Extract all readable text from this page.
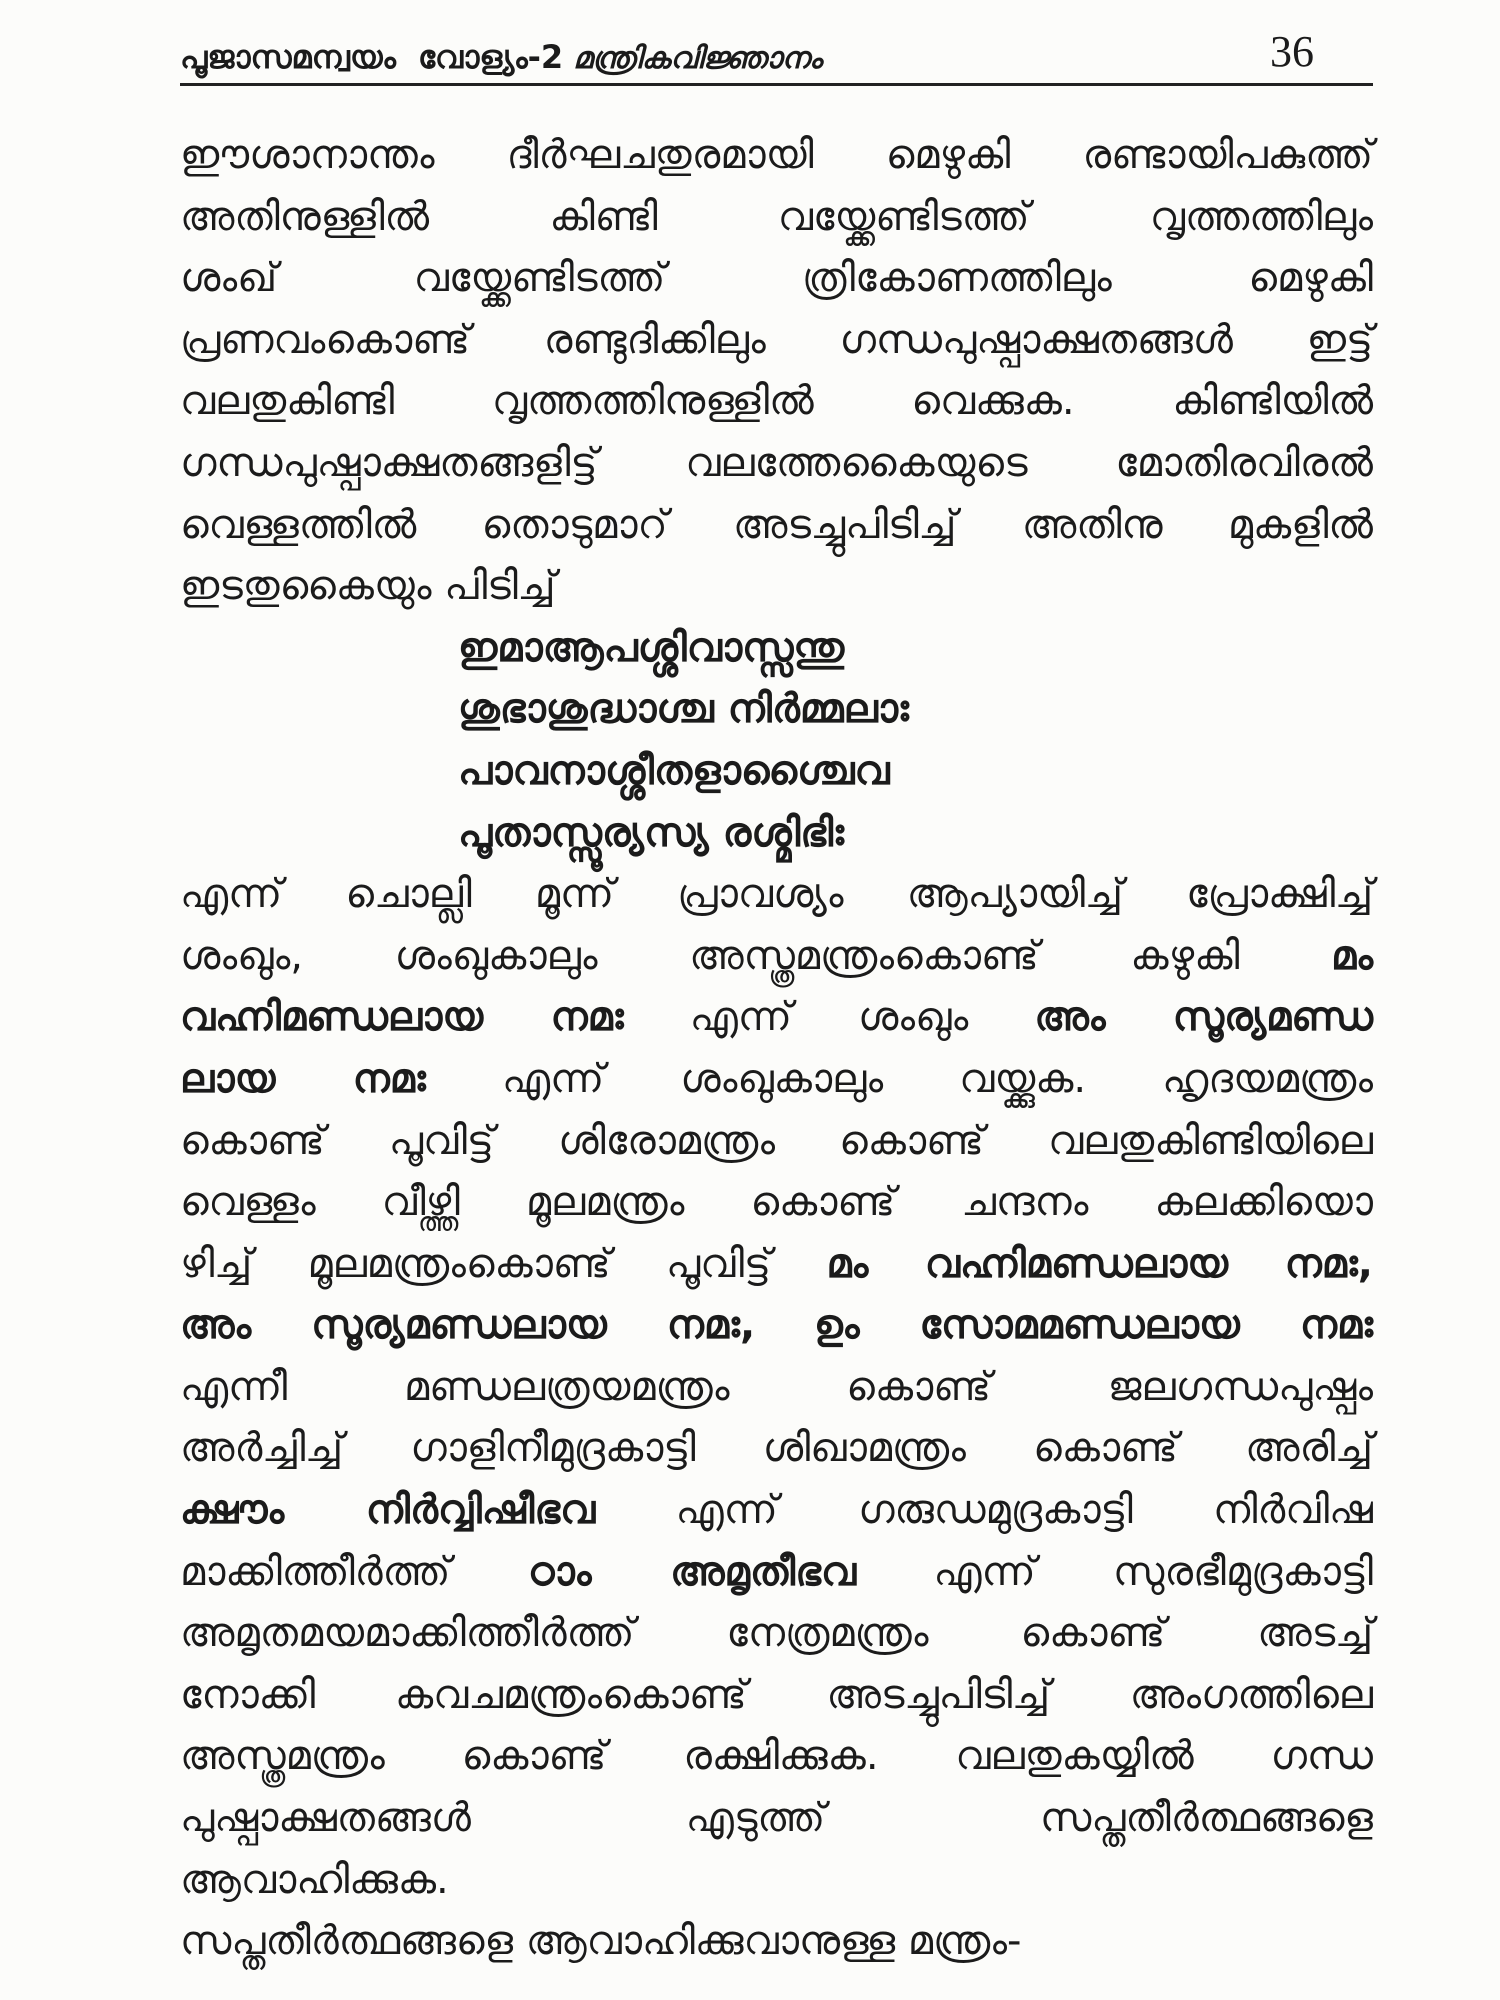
പൂജാസമന്വയം വോള്യം-2 മന്ത്രികവിജ്ഞാനം	36
ഈശാനാന്തം ദീർഘചതുരമായി മെഴുകി രണ്ടായിപകുത്ത്
അതിനുള്ളിൽ കിണ്ടി വയ്ക്കേണ്ടിടത്ത് വൃത്തത്തിലും
ശംഖ് വയ്ക്കേണ്ടിടത്ത് ത്രികോണത്തിലും മെഴുകി
പ്രണവംകൊണ്ട് രണ്ടുദിക്കിലും ഗന്ധപുഷ്പാക്ഷതങ്ങൾ ഇട്ട്
വലതുകിണ്ടി വൃത്തത്തിനുള്ളിൽ വെക്കുക. കിണ്ടിയിൽ
ഗന്ധപുഷ്പാക്ഷതങ്ങളിട്ട് വലത്തേകൈയുടെ മോതിരവിരൽ
വെള്ളത്തിൽ തൊടുമാറ് അടച്ചുപിടിച്ച് അതിനു മുകളിൽ
ഇടതുകൈയും പിടിച്ച്
ഇമാആപശ്ശിവാസ്സന്തു
ശുഭാശുദ്ധാശ്ച നിർമ്മലാഃ
പാവനാശ്ശീതളാശ്ചൈവ
പൂതാസ്സൂര്യസ്യ രശ്മിഭിഃ
എന്ന് ചൊല്ലി മൂന്ന് പ്രാവശ്യം ആപ്യായിച്ച് പ്രോക്ഷിച്ച്
ശംഖും, ശംഖുകാലും അസ്ത്രമന്ത്രംകൊണ്ട് കഴുകി മം
വഹ്നിമണ്ഡലായ നമഃ എന്ന് ശംഖും അം സൂര്യമണ്ഡ
ലായ നമഃ എന്ന് ശംഖുകാലും വയ്ക്കുക. ഹൃദയമന്ത്രം
കൊണ്ട് പൂവിട്ട് ശിരോമന്ത്രം കൊണ്ട് വലതുകിണ്ടിയിലെ
വെള്ളം വീഴ്ത്തി മൂലമന്ത്രം കൊണ്ട് ചന്ദനം കലക്കിയൊ
ഴിച്ച് മൂലമന്ത്രംകൊണ്ട് പൂവിട്ട് മം വഹ്നിമണ്ഡലായ നമഃ,
അം സൂര്യമണ്ഡലായ നമഃ, ഉം സോമമണ്ഡലായ നമഃ
എന്നീ മണ്ഡലത്രയമന്ത്രം കൊണ്ട് ജലഗന്ധപുഷ്പം
അർച്ചിച്ച് ഗാളിനീമുദ്രകാട്ടി ശിഖാമന്ത്രം കൊണ്ട് അരിച്ച്
ക്ഷൗം നിർവ്വിഷീഭവ എന്ന് ഗരുഡമുദ്രകാട്ടി നിർവിഷ
മാക്കിത്തീർത്ത് ഠാം അമൃതീഭവ എന്ന് സുരഭീമുദ്രകാട്ടി
അമൃതമയമാക്കിത്തീർത്ത് നേത്രമന്ത്രം കൊണ്ട് അടച്ച്
നോക്കി കവചമന്ത്രംകൊണ്ട് അടച്ചുപിടിച്ച് അംഗത്തിലെ
അസ്ത്രമന്ത്രം കൊണ്ട് രക്ഷിക്കുക. വലതുകയ്യിൽ ഗന്ധ
പുഷ്പാക്ഷതങ്ങൾ എടുത്ത് സപ്തതീർത്ഥങ്ങളെ
ആവാഹിക്കുക.
സപ്തതീർത്ഥങ്ങളെ ആവാഹിക്കുവാനുള്ള മന്ത്രം-
